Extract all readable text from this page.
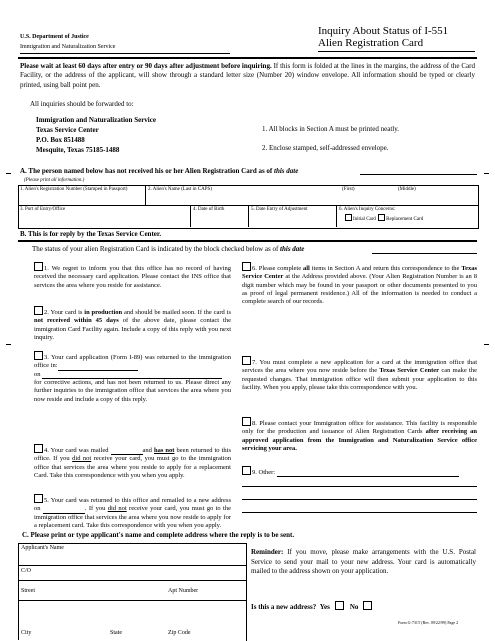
U.S. Department of Justice
Immigration and Naturalization Service
Inquiry About Status of I-551
Alien Registration Card
Please wait at least 60 days after entry or 90 days after adjustment before inquiring. If this form is folded at the lines in the margins, the address of the Card Facility, or the address of the applicant, will show through a standard letter size (Number 20) window envelope. All information should be typed or clearly printed, using ball point pen.
All inquiries should be forwarded to:
Immigration and Naturalization Service
Texas Service Center
P.O. Box 851488
Mesquite, Texas 75185-1488
1. All blocks in Section A must be printed neatly.
2. Enclose stamped, self-addressed envelope.
A. The person named below has not received his or her Alien Registration Card as of this date
(Please print all information.)
1. Alien's Registration Number (Stamped in Passport)	2. Alien's Name (Last in CAPS)	(First)	(Middle)
3. Port of Entry/Office	4. Date of Birth	5. Date Entry of Adjustment	6. Alien's Inquiry Concerns:
Initial Card Replacement Card
B. This is for reply by the Texas Service Center.
The status of your alien Registration Card is indicated by the block checked below as of this date
1. We regret to inform you that this office has no record of having received the necessary card application. Please contact the INS office that services the area where you reside for assistance.
2. Your card is in production and should be mailed soon. If the card is not received within 45 days of the above date, please contact the immigration Card Facility again. Include a copy of this reply with you next inquiry.
3. Your card application (Form I-89) was returned to the immigration office in:
on
for corrective actions, and has not been returned to us. Please direct any further inquiries to the immigration office that services the area where you now reside and include a copy of this reply.
4. Your card was mailed	and has not been returned to this office. If you did not receive your card, you must go to the immigration office that services the area where you reside to apply for a replacement Card. Take this correspondence with you when you apply.
5. Your card was returned to this office and remailed to a new address on	. If you did not receive your card, you must go to the immigration office that services the area where you now reside to apply for a replacement card. Take this correspondence with you when you apply.
6. Please complete all items in Section A and return this correspondence to the Texas Service Center at the Address provided above. (Your Alien Registration Number is an 8 digit number which may be found in your passport or other documents presented to you as proof of legal permanent residence.) All of the information is needed to conduct a complete search of our records.
7. You must complete a new application for a card at the immigration office that services the area where you now reside before the Texas Service Center can make the requested changes. That immigration office will then submit your application to this facility. When you apply, please take this correspondence with you.
8. Please contact your Immigration office for assistance. This facility is responsible only for the production and issuance of Alien Registration Cards after receiving an approved application from the Immigration and Naturalization Service office servicing your area.
9. Other:
C. Please print or type applicant's name and complete address where the reply is to be sent.
Applicant's Name
C/O
Street	Apt Number
City	State	Zip Code
Reminder: If you move, please make arrangements with the U.S. Postal Service to send your mail to your new address. Your card is automatically mailed to the address shown on your application.
Is this a new address? Yes	No
Form G-731T (Rev. 09/22/99) Page 2
